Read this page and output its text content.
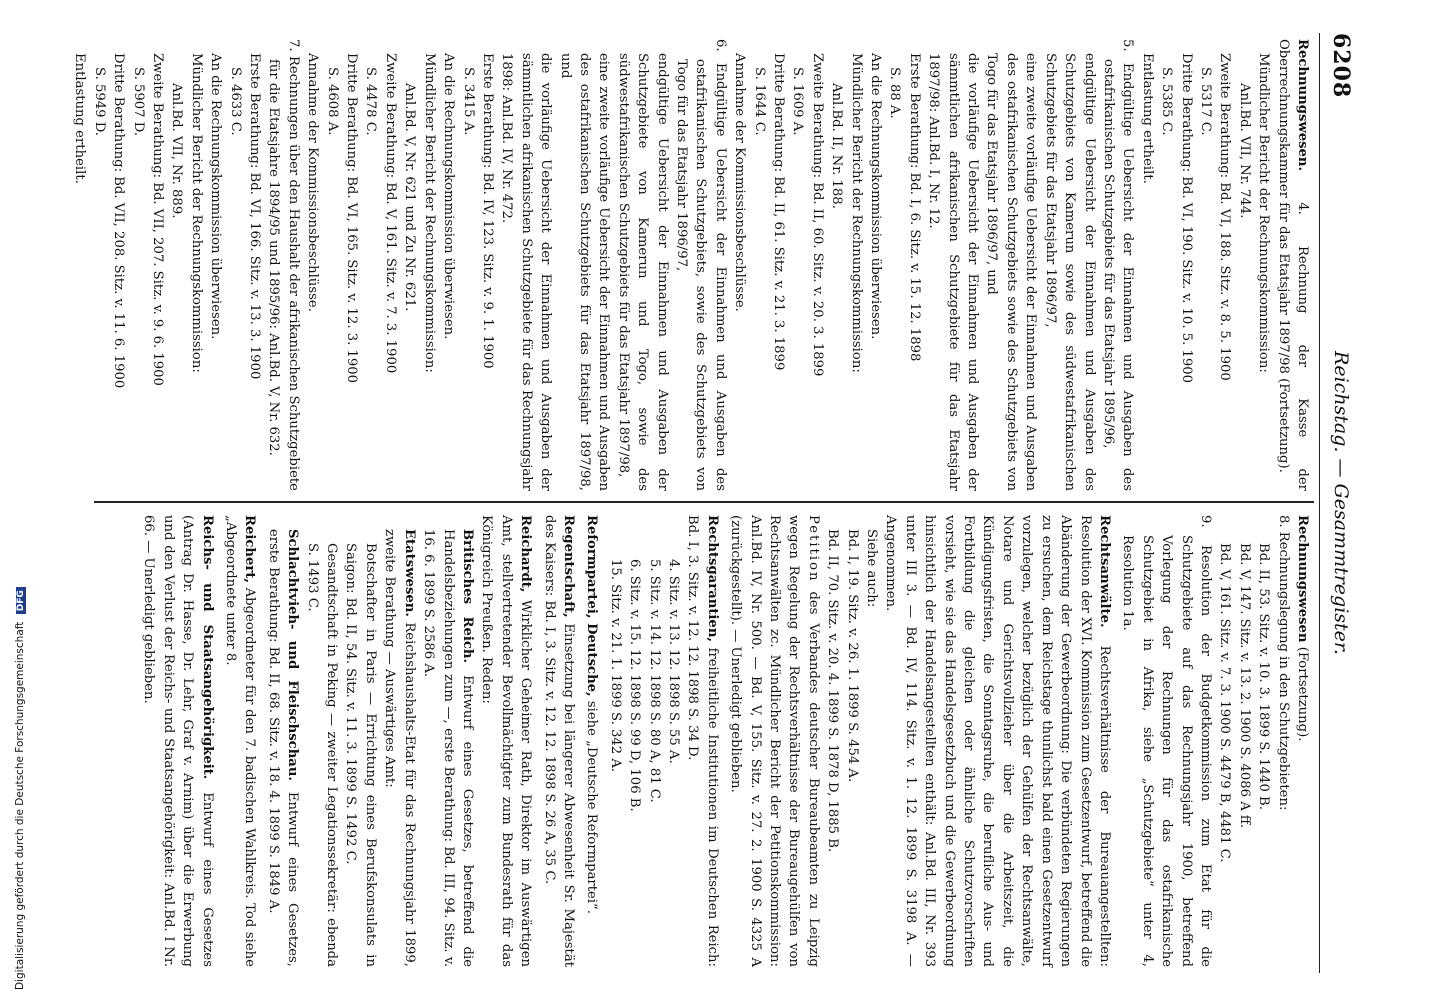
6208
Reichstag. — Gesammtregister.
Rechnungswesen. 4. Rechnung der Kasse der Oberrechnungskammer für das Etatsjahr 1897/98 (Fortsetzung).
Mündlicher Bericht der Rechnungskommission:
Anl.Bd. VII, Nr. 744.
Zweite Berathung: Bd. VI, 188. Sitz. v. 8. 5. 1900
S. 5317 C.
Dritte Berathung: Bd. VI, 190. Sitz. v. 10. 5. 1900
S. 5385 C.
Entlastung ertheilt.
5. Endgültige Uebersicht der Einnahmen und Ausgaben des ostafrikanischen Schutzgebiets für das Etatsjahr 1895/96,
endgültige Uebersicht der Einnahmen und Ausgaben des Schutzgebiets von Kamerun sowie des südwestafrikanischen Schutzgebiets für das Etatsjahr 1896/97,
eine zweite vorläufige Uebersicht der Einnahmen und Ausgaben des ostafrikanischen Schutzgebiets sowie des Schutzgebiets von Togo für das Etatsjahr 1896/97, und
die vorläufige Uebersicht der Einnahmen und Ausgaben der sämmtlichen afrikanischen Schutzgebiete für das Etatsjahr 1897/98: Anl.Bd. I, Nr. 12.
Erste Berathung: Bd. I, 6. Sitz. v. 15. 12. 1898
S. 88 A.
An die Rechnungskommission überwiesen.
Mündlicher Bericht der Rechnungskommission:
Anl.Bd. II, Nr. 188.
Zweite Berathung: Bd. II, 60. Sitz. v. 20. 3. 1899
S. 1609 A.
Dritte Berathung: Bd. II, 61. Sitz. v. 21. 3. 1899
S. 1644 C.
Annahme der Kommissionsbeschlüsse.
6. Endgültige Uebersicht der Einnahmen und Ausgaben des ostafrikanischen Schutzgebiets, sowie des Schutzgebiets von Togo für das Etatsjahr 1896/97,
endgültige Uebersicht der Einnahmen und Ausgaben der Schutzgebiete von Kamerun und Togo, sowie des südwestafrikanischen Schutzgebiets für das Etatsjahr 1897/98,
eine zweite vorläufige Uebersicht der Einnahmen und Ausgaben des ostafrikanischen Schutzgebiets für das Etatsjahr 1897/98, und
die vorläufige Uebersicht der Einnahmen und Ausgaben der sämmtlichen afrikanischen Schutzgebiete für das Rechnungsjahr 1898: Anl.Bd. IV, Nr. 472.
Erste Berathung: Bd. IV, 123. Sitz. v. 9. 1. 1900
S. 3415 A.
An die Rechnungskommission überwiesen.
Mündlicher Bericht der Rechnungskommission:
Anl.Bd. V, Nr. 621 und Zu Nr. 621.
Zweite Berathung: Bd. V, 161. Sitz. v. 7. 3. 1900
S. 4478 C.
Dritte Berathung: Bd. VI, 165. Sitz. v. 12. 3. 1900
S. 4608 A.
Annahme der Kommissionsbeschlüsse.
7. Rechnungen über den Haushalt der afrikanischen Schutzgebiete für die Etatsjahre 1894/95 und 1895/96: Anl.Bd. V, Nr. 632.
Erste Berathung: Bd. VI, 166. Sitz. v. 13. 3. 1900
S. 4633 C.
An die Rechnungskommission überwiesen.
Mündlicher Bericht der Rechnungskommission:
Anl.Bd. VII, Nr. 889.
Zweite Berathung: Bd. VII, 207. Sitz. v. 9. 6. 1900
S. 5907 D.
Dritte Berathung: Bd. VII, 208. Sitz. v. 11. 6. 1900
S. 5949 D.
Entlastung ertheilt.
Rechnungswesen (Fortsetzung).
8. Rechnungslegung in den Schutzgebieten:
Bd. II, 53. Sitz. v. 10. 3. 1899 S. 1440 B.
Bd. V, 147. Sitz. v. 13. 2. 1900 S. 4086 A ff.
Bd. V, 161. Sitz. v. 7. 3. 1900 S. 4479 B, 4481 C.
9. Resolution der Budgetkommission zum Etat für die Schutzgebiete auf das Rechnungsjahr 1900, betreffend Vorlegung der Rechnungen für das ostafrikanische Schutzgebiet in Afrika, siehe „Schutzgebiete“ unter 4, Resolution 1a.
Rechtsanwälte. Rechtsverhältnisse der Bureauangestellten: Resolution der XVI. Kommission zum Gesetzentwurf, betreffend die Abänderung der Gewerbeordnung: Die verbündeten Regierungen zu ersuchen, dem Reichstage thunlichst bald einen Gesetzentwurf vorzulegen, welcher bezüglich der Gehülfen der Rechtsanwälte, Notare und Gerichtsvollzieher über die Arbeitszeit, die Kündigungsfristen, die Sonntagsruhe, die berufliche Aus- und Fortbildung die gleichen oder ähnliche Schutzvorschriften vorsieht, wie sie das Handelsgesetzbuch und die Gewerbeordnung hinsichtlich der Handelsangestellten enthält: Anl.Bd. III, Nr. 393 unter III 3. — Bd. IV, 114. Sitz. v. 1. 12. 1899 S. 3198 A. — Angenommen.
Siehe auch:
Bd. I, 19. Sitz. v. 26. 1. 1899 S. 454 A.
Bd. II, 70. Sitz. v. 20. 4. 1899 S. 1878 D, 1885 B.
Petition des Verbandes deutscher Bureaubeamten zu Leipzig wegen Regelung der Rechtsverhältnisse der Bureaugehülfen von Rechtsanwälten zc. Mündlicher Bericht der Petitionskommission: Anl.Bd. IV, Nr. 500. — Bd. V, 155. Sitz. v. 27. 2. 1900 S. 4325 A (zurückgestellt). — Unerledigt geblieben.
Rechtsgarantien, freiheitliche Institutionen im Deutschen Reich: Bd. I, 3. Sitz. v. 12. 12. 1898 S. 34 D.
4. Sitz. v. 13. 12. 1898 S. 55 A.
5. Sitz. v. 14. 12. 1898 S. 80 A, 81 C.
6. Sitz. v. 15. 12. 1898 S. 99 D, 106 B.
15. Sitz. v. 21. 1. 1899 S. 342 A.
Reformpartei, Deutsche, siehe „Deutsche Reformpartei“.
Regentschaft, Einsetzung bei längerer Abwesenheit Sr. Majestät des Kaisers: Bd. I, 3. Sitz. v. 12. 12. 1898 S. 26 A, 35 C.
Reichardt, Wirklicher Geheimer Rath, Direktor im Auswärtigen Amt, stellvertretender Bevollmächtigter zum Bundesrath für das Königreich Preußen. Reden:
Britisches Reich. Entwurf eines Gesetzes, betreffend die Handelsbeziehungen zum —, erste Berathung: Bd. III, 94. Sitz. v. 16. 6. 1899 S. 2586 A.
Etatswesen. Reichshaushalts-Etat für das Rechnungsjahr 1899, zweite Berathung — Auswärtiges Amt:
Botschafter in Paris — Errichtung eines Berufskonsulats in Saigon: Bd. II, 54. Sitz. v. 11. 3. 1899 S. 1492 C.
Gesandtschaft in Peking — zweiter Legationssekretär: ebenda S. 1493 C.
Schlachtvieh- und Fleischschau. Entwurf eines Gesetzes, erste Berathung: Bd. II, 68. Sitz. v. 18. 4. 1899 S. 1849 A.
Reichert, Abgeordneter für den 7. badischen Wahlkreis. Tod siehe „Abgeordnete unter 8.
Reichs- und Staatsangehörigkeit. Entwurf eines Gesetzes (Antrag Dr. Hasse, Dr. Lehr, Graf v. Arnim) über die Erwerbung und den Verlust der Reichs- und Staatsangehörigkeit: Anl.Bd. I Nr. 66. — Unerledigt geblieben.
Digitalisierung gefördert durch die Deutsche Forschungsgemeinschaft DFG
